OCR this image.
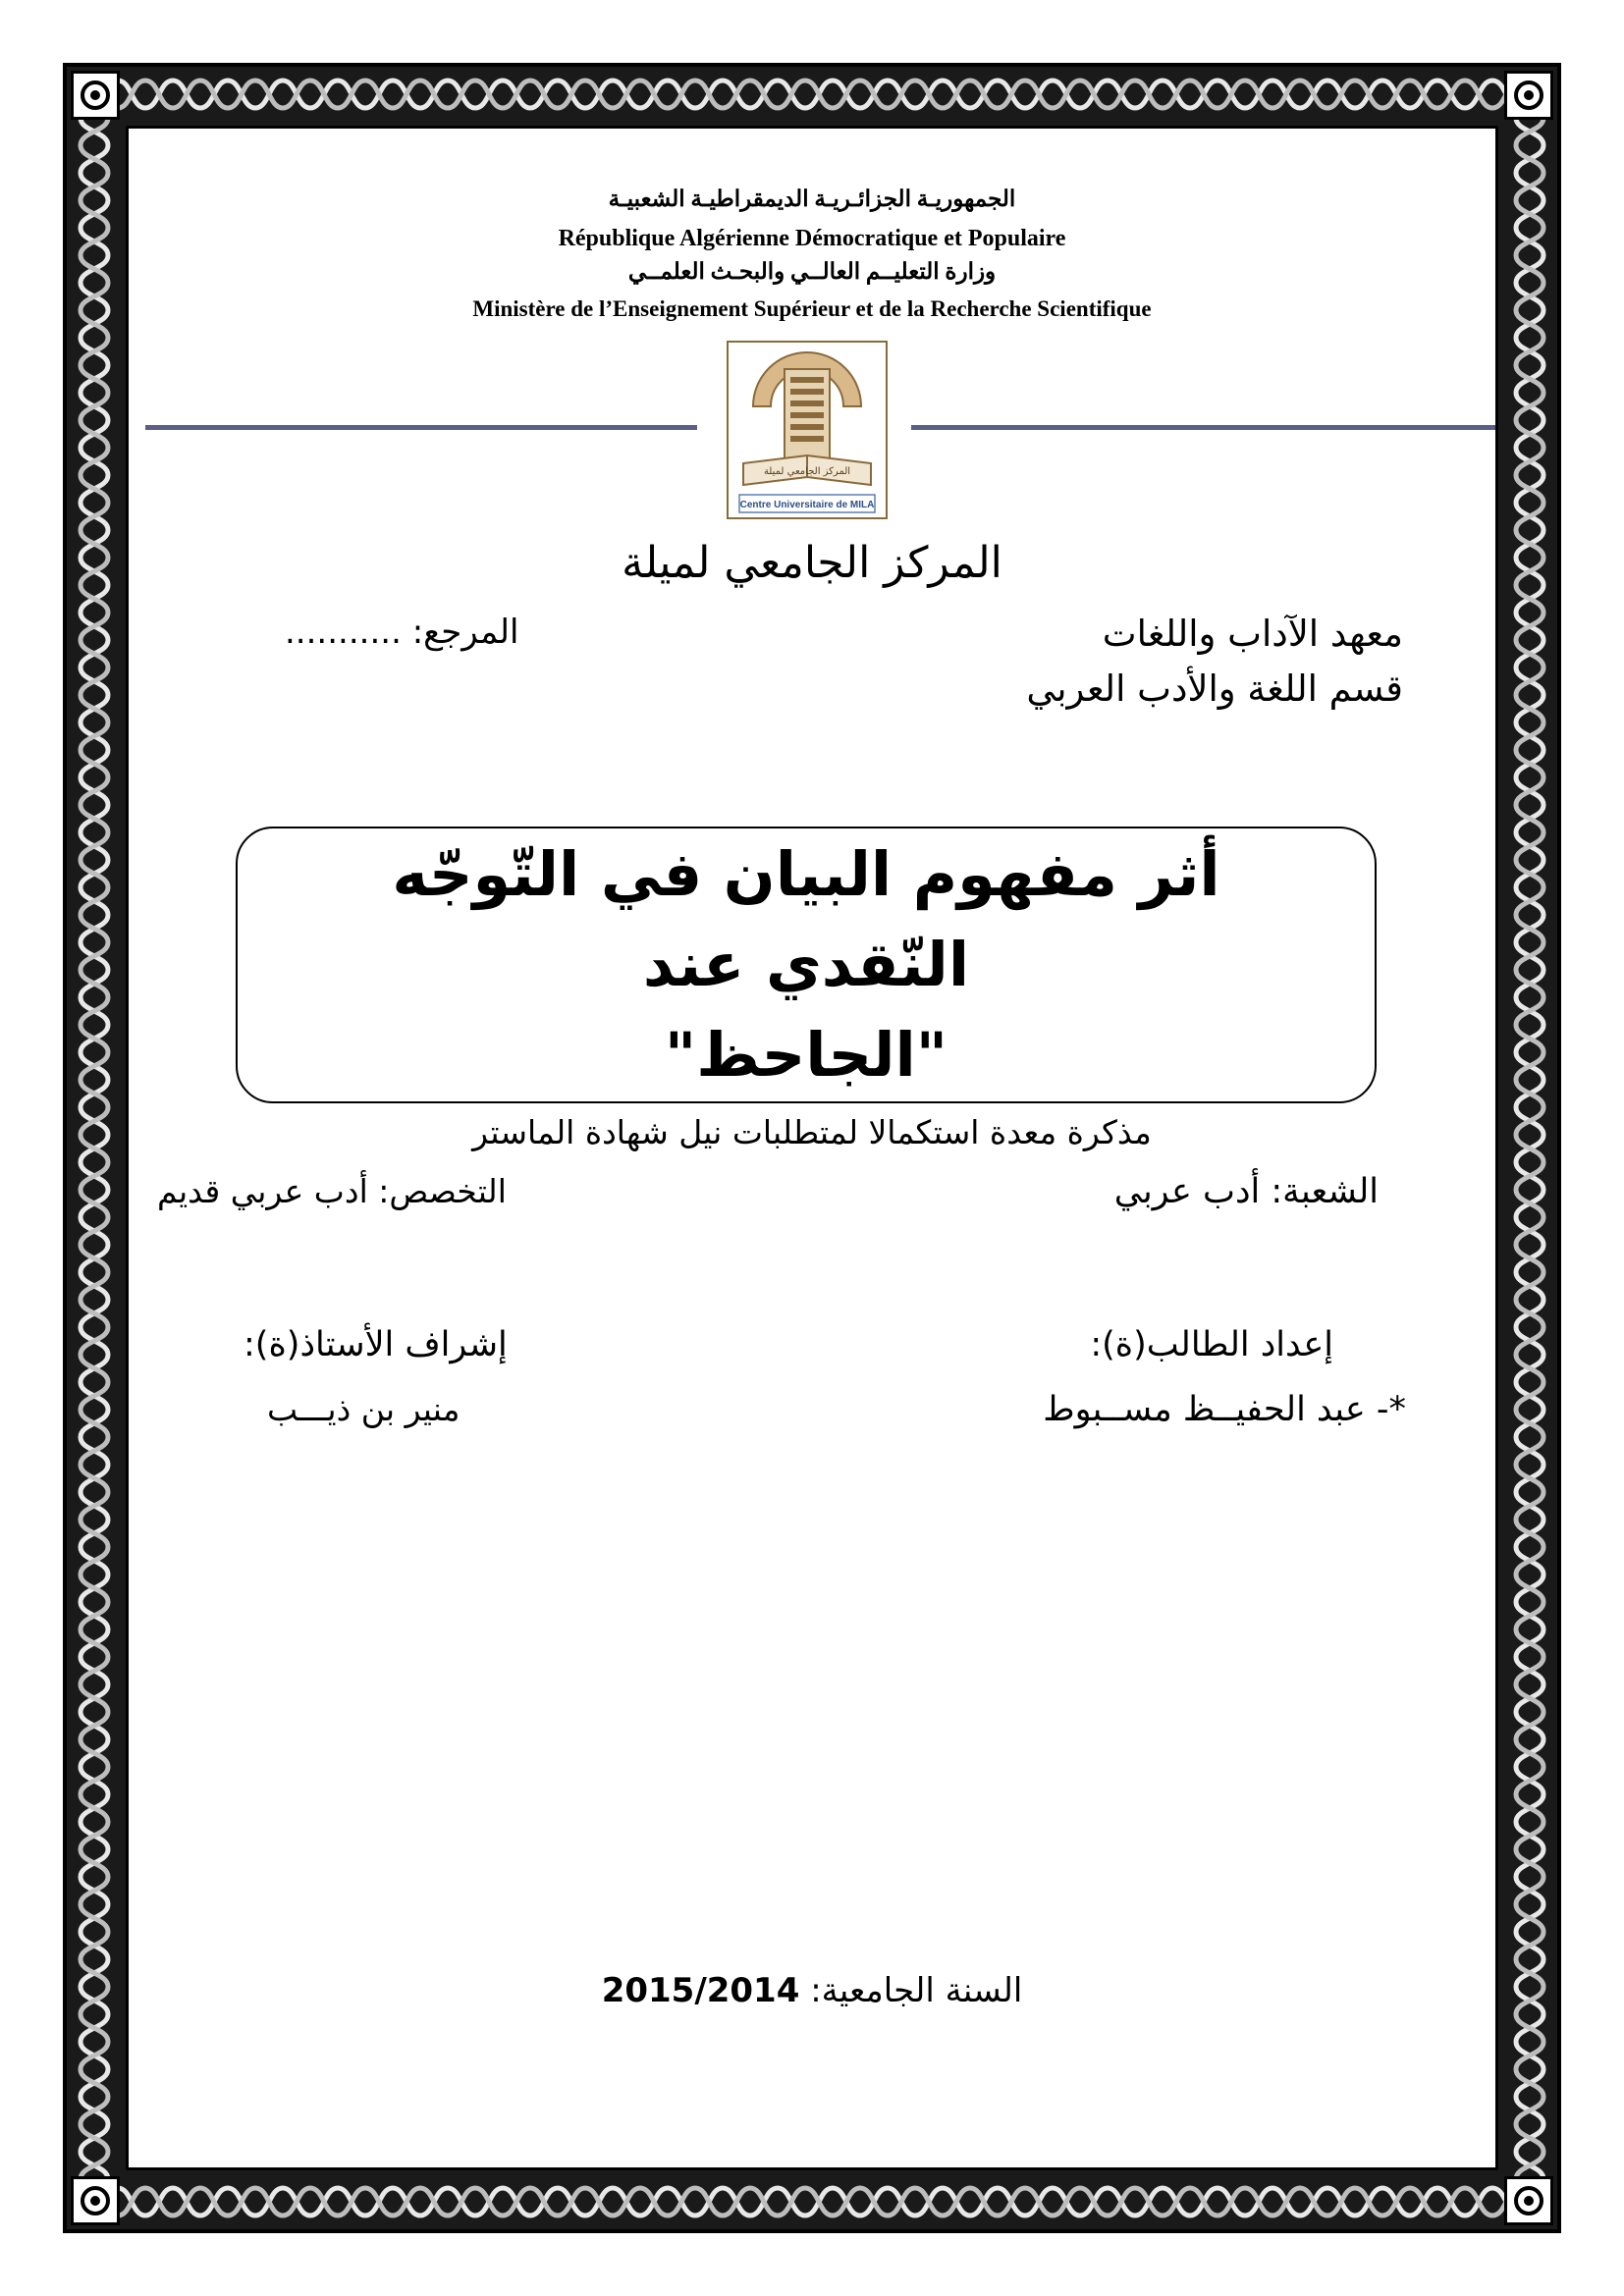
الجمهوريـة الجزائـريـة الديمقراطيـة الشعبيـة
République Algérienne Démocratique et Populaire
وزارة التعليــم العالــي والبحـث العلمــي
Ministère de l’Enseignement Supérieur et de la Recherche Scientifique
المركز الجامعي لميلة
Centre Universitaire de MILA
المركز الجامعي لميلة
معهد الآداب واللغات
قسم اللغة والأدب العربي
المرجع: ...........
أثر مفهوم البيان في التّوجّه النّقدي عند
"الجاحظ"
مذكرة معدة استكمالا لمتطلبات نيل شهادة الماستر
الشعبة: أدب عربي
التخصص: أدب عربي قديم
إعداد الطالب(ة):
*- عبد الحفيــظ مســبوط
إشراف الأستاذ(ة):
منير بن ذيـــب
السنة الجامعية: 2015/2014
